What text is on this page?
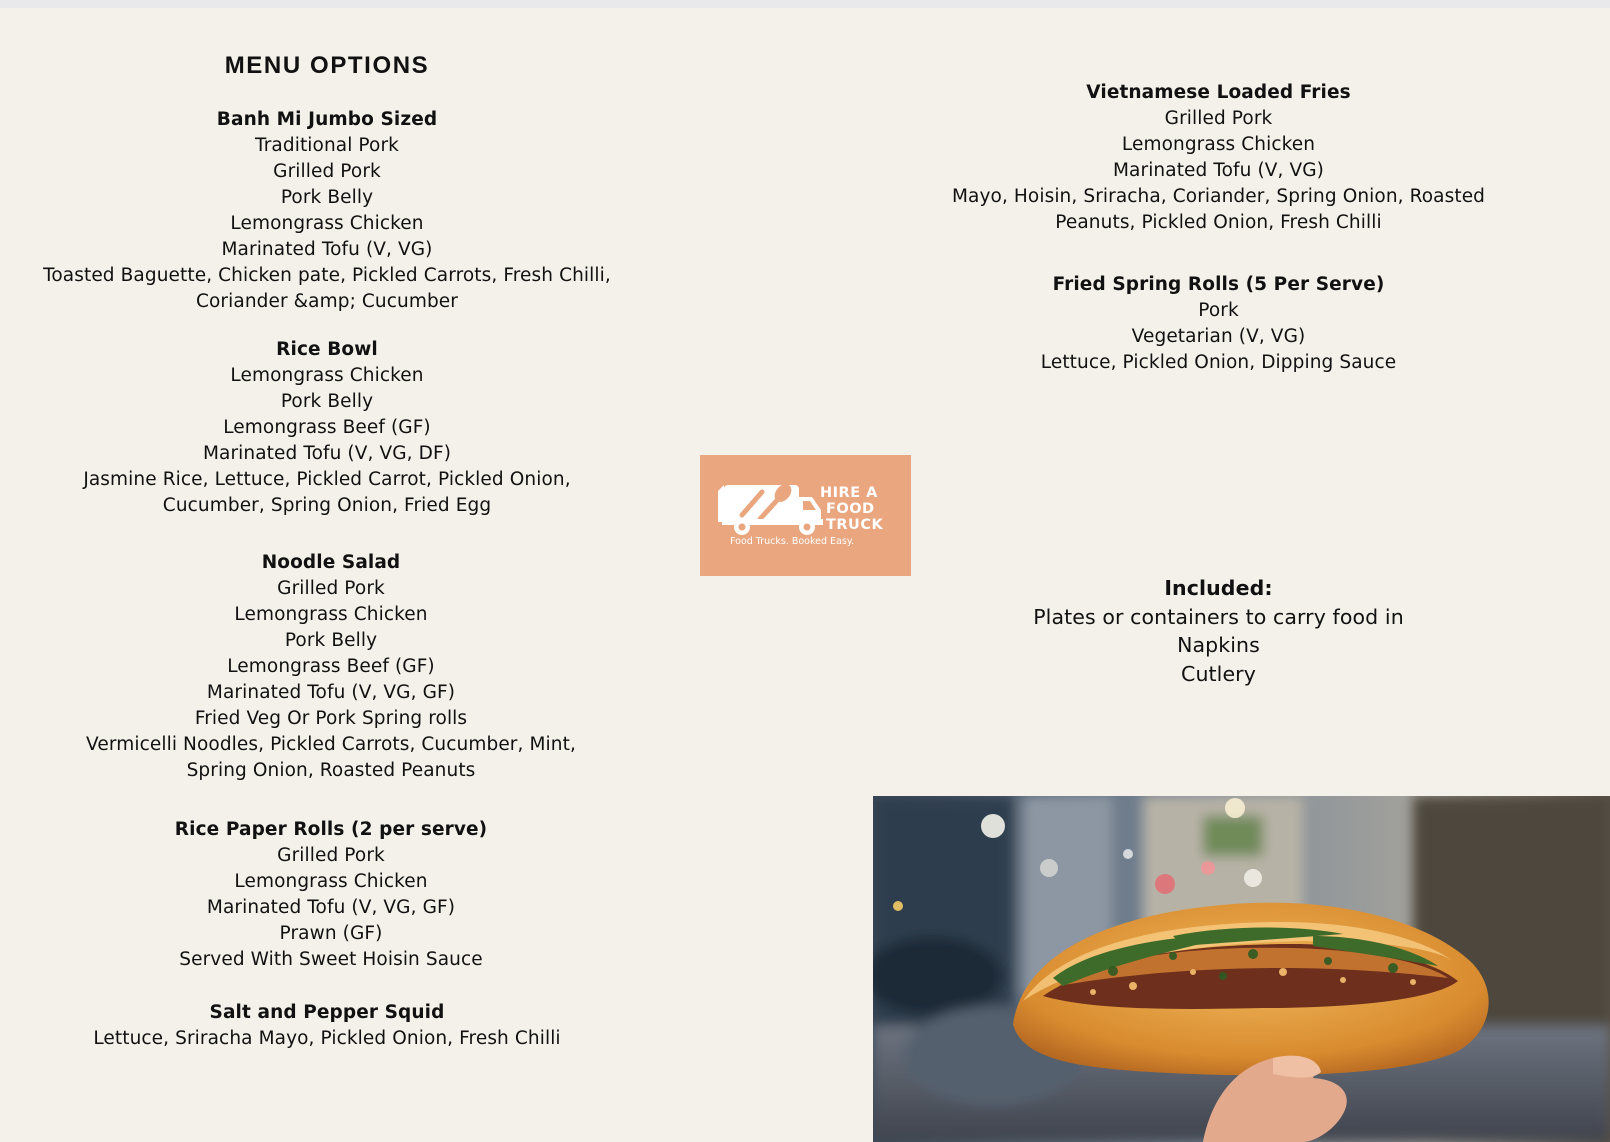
MENU OPTIONS
Banh Mi Jumbo Sized
Traditional Pork
Grilled Pork
Pork Belly
Lemongrass Chicken
Marinated Tofu (V, VG)
Toasted Baguette, Chicken pate, Pickled Carrots, Fresh Chilli,
Coriander &amp; Cucumber
Rice Bowl
Lemongrass Chicken
Pork Belly
Lemongrass Beef (GF)
Marinated Tofu (V, VG, DF)
Jasmine Rice, Lettuce, Pickled Carrot, Pickled Onion,
Cucumber, Spring Onion, Fried Egg
Noodle Salad
Grilled Pork
Lemongrass Chicken
Pork Belly
Lemongrass Beef (GF)
Marinated Tofu (V, VG, GF)
Fried Veg Or Pork Spring rolls
Vermicelli Noodles, Pickled Carrots, Cucumber, Mint,
Spring Onion, Roasted Peanuts
Rice Paper Rolls (2 per serve)
Grilled Pork
Lemongrass Chicken
Marinated Tofu (V, VG, GF)
Prawn (GF)
Served With Sweet Hoisin Sauce
Salt and Pepper Squid
Lettuce, Sriracha Mayo, Pickled Onion, Fresh Chilli
Vietnamese Loaded Fries
Grilled Pork
Lemongrass Chicken
Marinated Tofu (V, VG)
Mayo, Hoisin, Sriracha, Coriander, Spring Onion, Roasted
Peanuts, Pickled Onion, Fresh Chilli
Fried Spring Rolls (5 Per Serve)
Pork
Vegetarian (V, VG)
Lettuce, Pickled Onion, Dipping Sauce
Included:
Plates or containers to carry food in
Napkins
Cutlery
HIRE A
FOOD
TRUCK
Food Trucks. Booked Easy.
